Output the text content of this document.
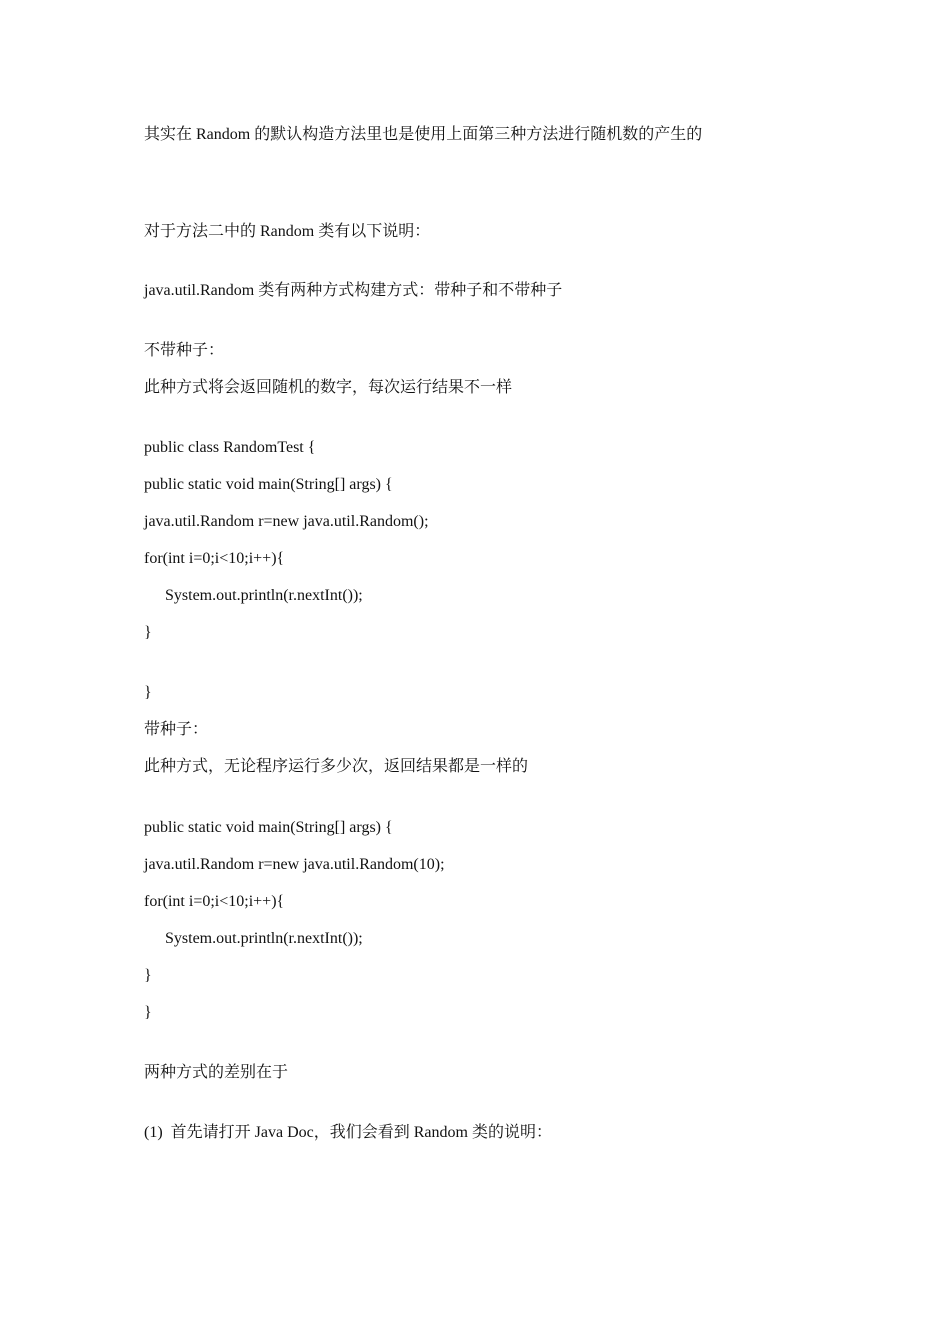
其实在 Random 的默认构造方法里也是使用上面第三种方法进行随机数的产生的
对于方法二中的 Random 类有以下说明：
java.util.Random 类有两种方式构建方式：带种子和不带种子
不带种子：
此种方式将会返回随机的数字，每次运行结果不一样
public class RandomTest {
public static void main(String[] args) {
java.util.Random r=new java.util.Random();
for(int i=0;i<10;i++){
System.out.println(r.nextInt());
}
}
带种子：
此种方式，无论程序运行多少次，返回结果都是一样的
public static void main(String[] args) {
java.util.Random r=new java.util.Random(10);
for(int i=0;i<10;i++){
System.out.println(r.nextInt());
}
}
两种方式的差别在于
(1)  首先请打开 Java Doc，我们会看到 Random 类的说明：
